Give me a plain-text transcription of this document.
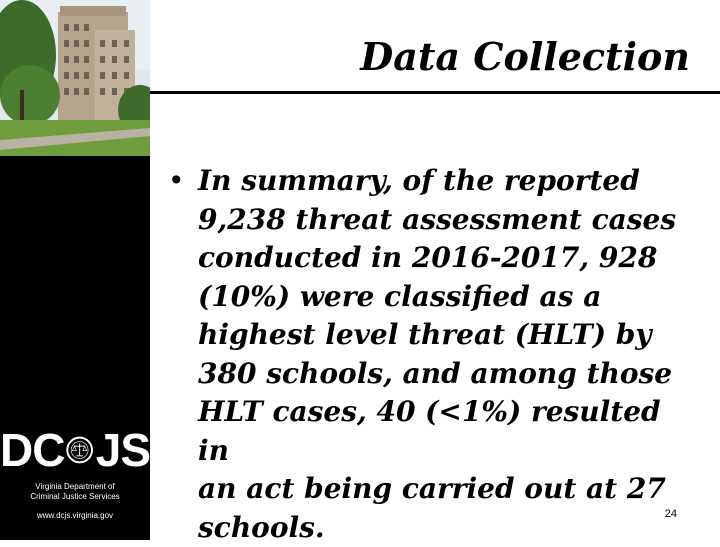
DC JS
Virginia Department of
Criminal Justice Services
www.dcjs.virginia.gov
Data Collection
• In summary, of the reported
9,238 threat assessment cases
conducted in 2016-2017, 928
(10%) were classified as a
highest level threat (HLT) by
380 schools, and among those
HLT cases, 40 (<1%) resulted in
an act being carried out at 27
schools.	24
